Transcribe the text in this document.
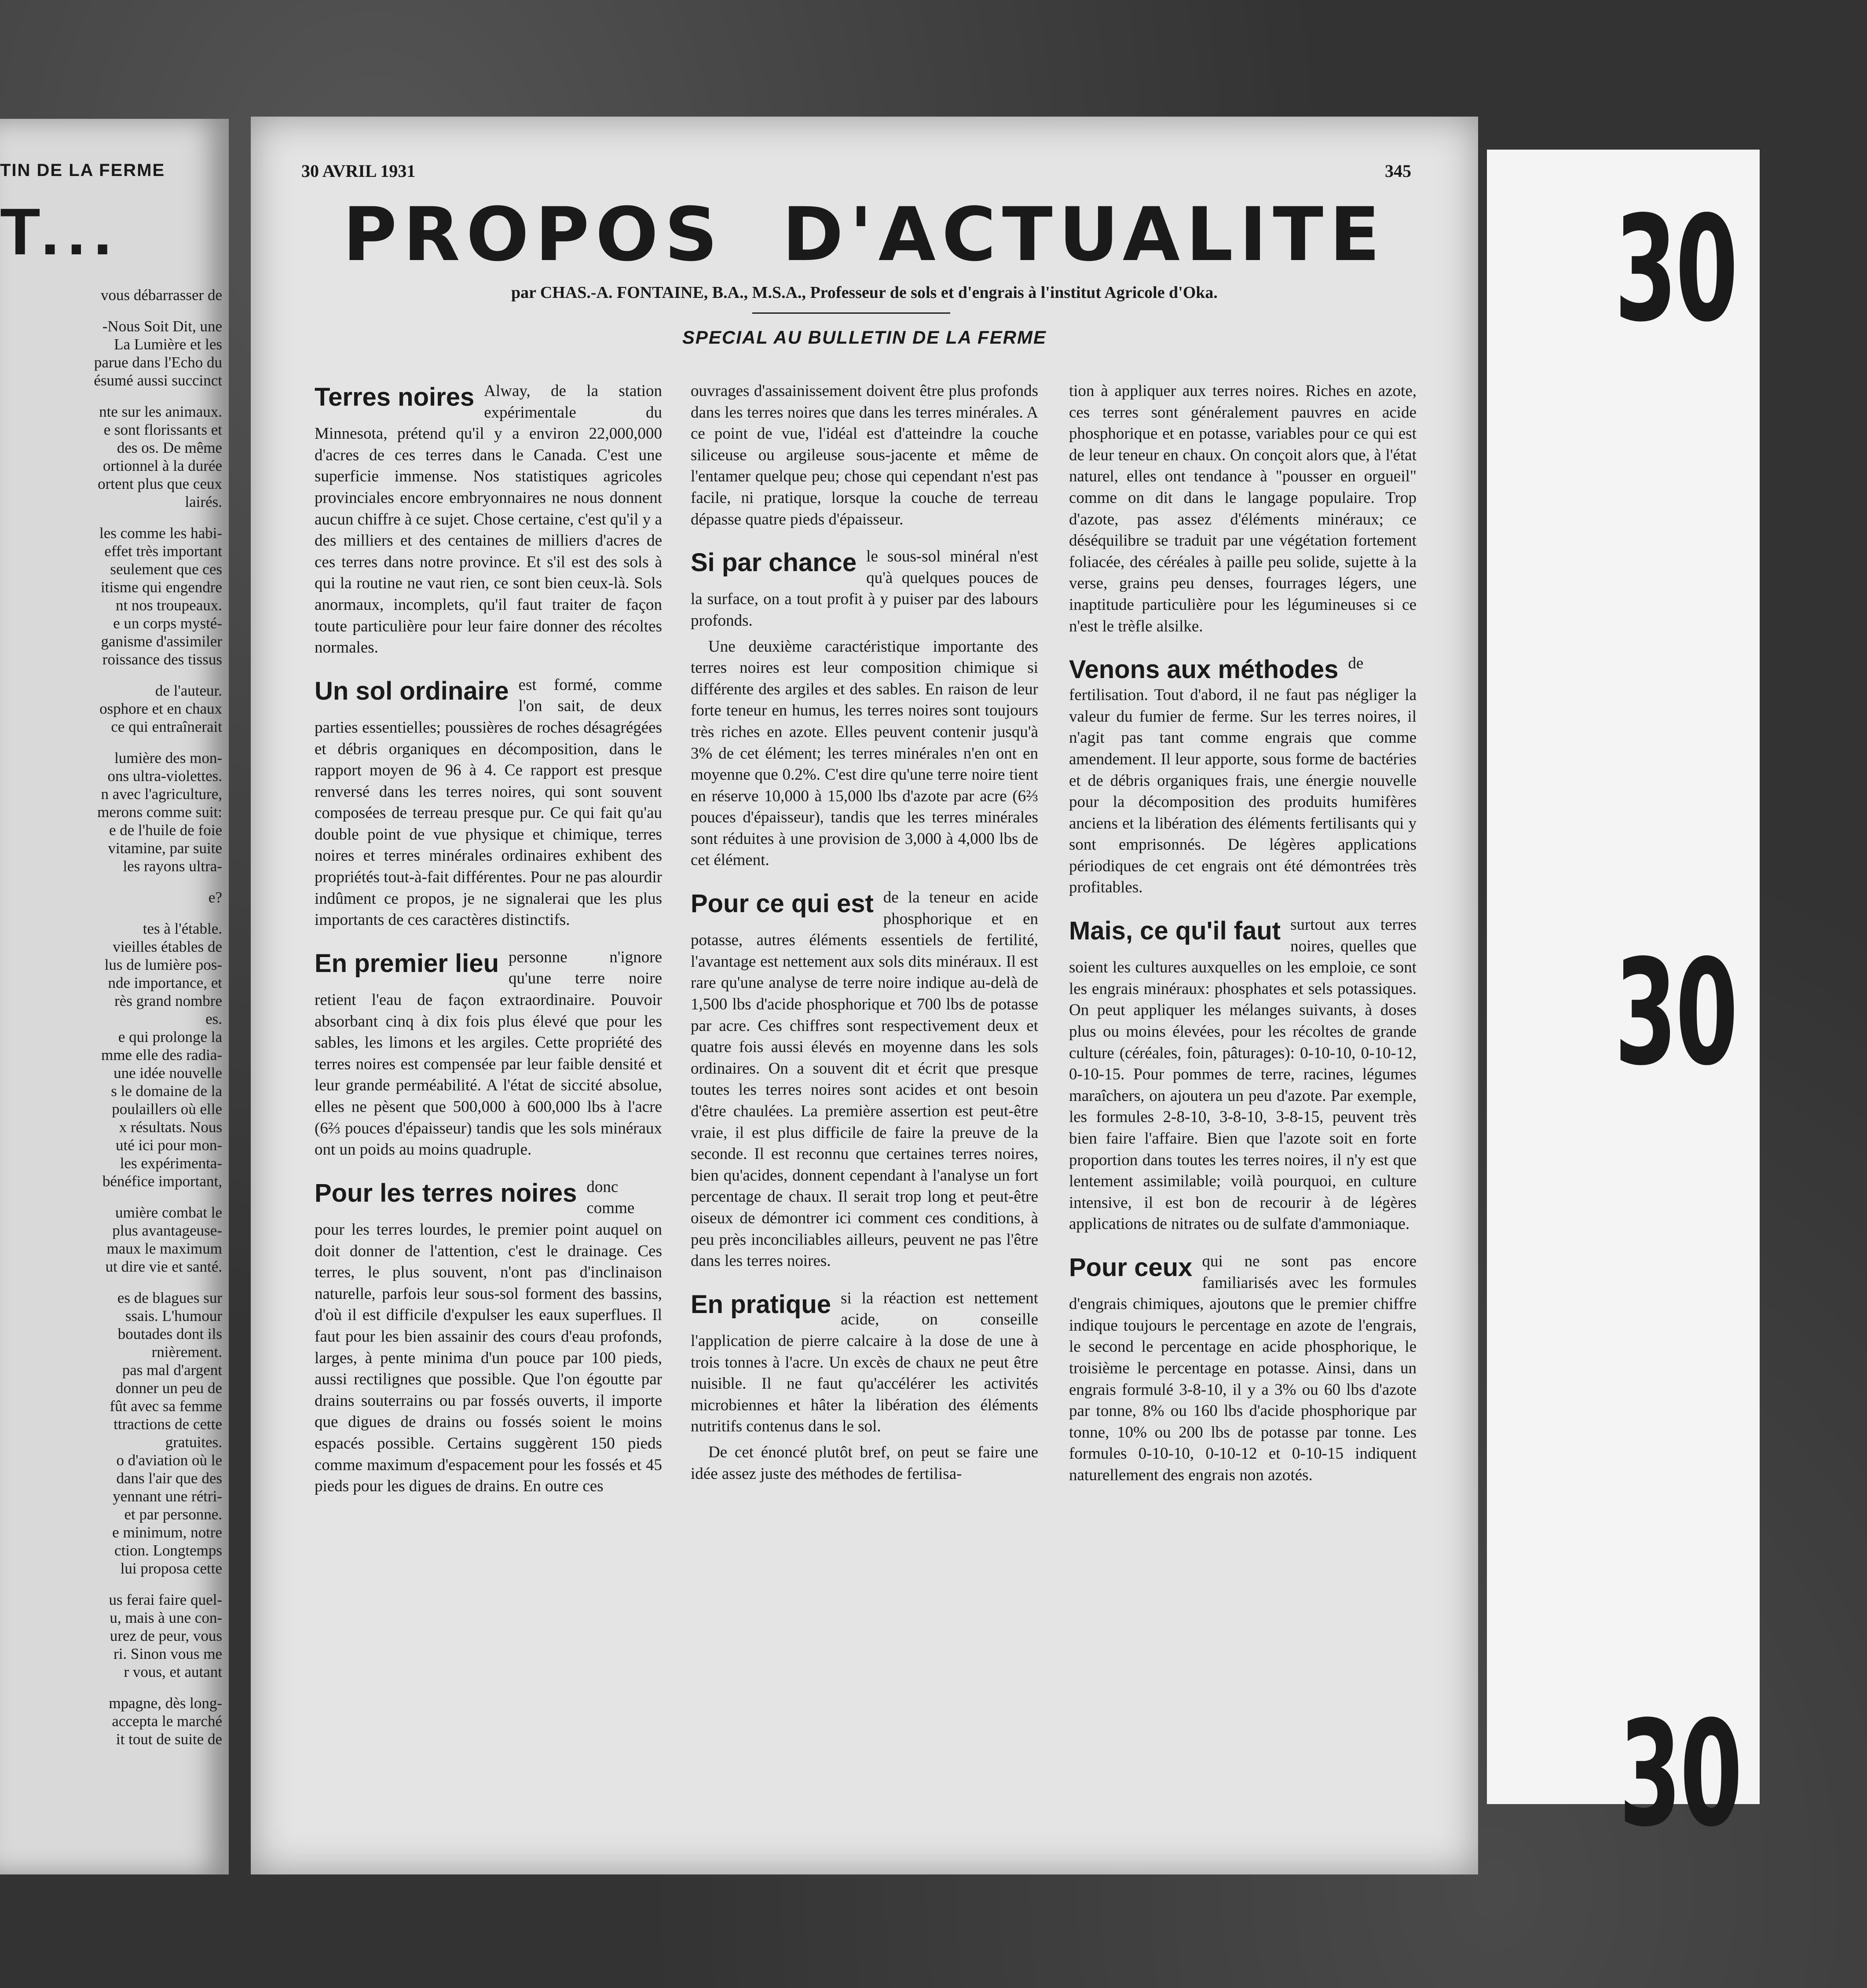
TIN DE LA FERME
T...
vous débarrasser de
-Nous Soit Dit, une
La Lumière et les
parue dans l'Echo du
ésumé aussi succinct
nte sur les animaux.
e sont florissants et
des os. De même
ortionnel à la durée
ortent plus que ceux
lairés.
les comme les habi-
effet très important
seulement que ces
itisme qui engendre
nt nos troupeaux.
e un corps mysté-
ganisme d'assimiler
roissance des tissus
de l'auteur.
osphore et en chaux
ce qui entraînerait
lumière des mon-
ons ultra-violettes.
n avec l'agriculture,
merons comme suit:
e de l'huile de foie
vitamine, par suite
les rayons ultra-
e?
tes à l'étable.
vieilles étables de
lus de lumière pos-
nde importance, et
rès grand nombre
es.
e qui prolonge la
mme elle des radia-
une idée nouvelle
s le domaine de la
poulaillers où elle
x résultats. Nous
uté ici pour mon-
les expérimenta-
bénéfice important,
umière combat le
plus avantageuse-
maux le maximum
ut dire vie et santé.
es de blagues sur
ssais. L'humour
boutades dont ils
rnièrement.
pas mal d'argent
donner un peu de
fût avec sa femme
ttractions de cette
gratuites.
o d'aviation où le
dans l'air que des
yennant une rétri-
et par personne.
e minimum, notre
ction. Longtemps
lui proposa cette
us ferai faire quel-
u, mais à une con-
urez de peur, vous
ri. Sinon vous me
r vous, et autant
mpagne, dès long-
accepta le marché
it tout de suite de
30 AVRIL 1931	345
PROPOS D'ACTUALITE
par CHAS.-A. FONTAINE, B.A., M.S.A., Professeur de sols et d'engrais à l'institut Agricole d'Oka.
SPECIAL AU BULLETIN DE LA FERME
Terres noires Alway, de la station expérimentale du Minnesota, prétend qu'il y a environ 22,000,000 d'acres de ces terres dans le Canada. C'est une superficie immense. Nos statistiques agricoles provinciales encore embryonnaires ne nous donnent aucun chiffre à ce sujet. Chose certaine, c'est qu'il y a des milliers et des centaines de milliers d'acres de ces terres dans notre province. Et s'il est des sols à qui la routine ne vaut rien, ce sont bien ceux-là. Sols anormaux, incomplets, qu'il faut traiter de façon toute particulière pour leur faire donner des récoltes normales.

Un sol ordinaire est formé, comme l'on sait, de deux parties essentielles; poussières de roches désagrégées et débris organiques en décomposition, dans le rapport moyen de 96 à 4. Ce rapport est presque renversé dans les terres noires, qui sont souvent composées de terreau presque pur. Ce qui fait qu'au double point de vue physique et chimique, terres noires et terres minérales ordinaires exhibent des propriétés tout-à-fait différentes. Pour ne pas alourdir indûment ce propos, je ne signalerai que les plus importants de ces caractères distinctifs.

En premier lieu personne n'ignore qu'une terre noire retient l'eau de façon extraordinaire. Pouvoir absorbant cinq à dix fois plus élevé que pour les sables, les limons et les argiles. Cette propriété des terres noires est compensée par leur faible densité et leur grande perméabilité. A l'état de siccité absolue, elles ne pèsent que 500,000 à 600,000 lbs à l'acre (6⅔ pouces d'épaisseur) tandis que les sols minéraux ont un poids au moins quadruple.

Pour les terres noires donc comme pour les terres lourdes, le premier point auquel on doit donner de l'attention, c'est le drainage. Ces terres, le plus souvent, n'ont pas d'inclinaison naturelle, parfois leur sous-sol forment des bassins, d'où il est difficile d'expulser les eaux superflues. Il faut pour les bien assainir des cours d'eau profonds, larges, à pente minima d'un pouce par 100 pieds, aussi rectilignes que possible. Que l'on égoutte par drains souterrains ou par fossés ouverts, il importe que digues de drains ou fossés soient le moins espacés possible. Certains suggèrent 150 pieds comme maximum d'espacement pour les fossés et 45 pieds pour les digues de drains. En outre ces

ouvrages d'assainissement doivent être plus profonds dans les terres noires que dans les terres minérales. A ce point de vue, l'idéal est d'atteindre la couche siliceuse ou argileuse sous-jacente et même de l'entamer quelque peu; chose qui cependant n'est pas facile, ni pratique, lorsque la couche de terreau dépasse quatre pieds d'épaisseur.

Si par chance le sous-sol minéral n'est qu'à quelques pouces de la surface, on a tout profit à y puiser par des labours profonds.

Une deuxième caractéristique importante des terres noires est leur composition chimique si différente des argiles et des sables. En raison de leur forte teneur en humus, les terres noires sont toujours très riches en azote. Elles peuvent contenir jusqu'à 3% de cet élément; les terres minérales n'en ont en moyenne que 0.2%. C'est dire qu'une terre noire tient en réserve 10,000 à 15,000 lbs d'azote par acre (6⅔ pouces d'épaisseur), tandis que les terres minérales sont réduites à une provision de 3,000 à 4,000 lbs de cet élément.

Pour ce qui est de la teneur en acide phosphorique et en potasse, autres éléments essentiels de fertilité, l'avantage est nettement aux sols dits minéraux. Il est rare qu'une analyse de terre noire indique au-delà de 1,500 lbs d'acide phosphorique et 700 lbs de potasse par acre. Ces chiffres sont respectivement deux et quatre fois aussi élevés en moyenne dans les sols ordinaires. On a souvent dit et écrit que presque toutes les terres noires sont acides et ont besoin d'être chaulées. La première assertion est peut-être vraie, il est plus difficile de faire la preuve de la seconde. Il est reconnu que certaines terres noires, bien qu'acides, donnent cependant à l'analyse un fort percentage de chaux. Il serait trop long et peut-être oiseux de démontrer ici comment ces conditions, à peu près inconciliables ailleurs, peuvent ne pas l'être dans les terres noires.

En pratique si la réaction est nettement acide, on conseille l'application de pierre calcaire à la dose de une à trois tonnes à l'acre. Un excès de chaux ne peut être nuisible. Il ne faut qu'accélérer les activités microbiennes et hâter la libération des éléments nutritifs contenus dans le sol.

De cet énoncé plutôt bref, on peut se faire une idée assez juste des méthodes de fertilisa-

tion à appliquer aux terres noires. Riches en azote, ces terres sont généralement pauvres en acide phosphorique et en potasse, variables pour ce qui est de leur teneur en chaux. On conçoit alors que, à l'état naturel, elles ont tendance à "pousser en orgueil" comme on dit dans le langage populaire. Trop d'azote, pas assez d'éléments minéraux; ce déséquilibre se traduit par une végétation fortement foliacée, des céréales à paille peu solide, sujette à la verse, grains peu denses, fourrages légers, une inaptitude particulière pour les légumineuses si ce n'est le trèfle alsilke.

Venons aux méthodes de fertilisation. Tout d'abord, il ne faut pas négliger la valeur du fumier de ferme. Sur les terres noires, il n'agit pas tant comme engrais que comme amendement. Il leur apporte, sous forme de bactéries et de débris organiques frais, une énergie nouvelle pour la décomposition des produits humifères anciens et la libération des éléments fertilisants qui y sont emprisonnés. De légères applications périodiques de cet engrais ont été démontrées très profitables.

Mais, ce qu'il faut surtout aux terres noires, quelles que soient les cultures auxquelles on les emploie, ce sont les engrais minéraux: phosphates et sels potassiques. On peut appliquer les mélanges suivants, à doses plus ou moins élevées, pour les récoltes de grande culture (céréales, foin, pâturages): 0-10-10, 0-10-12, 0-10-15. Pour pommes de terre, racines, légumes maraîchers, on ajoutera un peu d'azote. Par exemple, les formules 2-8-10, 3-8-10, 3-8-15, peuvent très bien faire l'affaire. Bien que l'azote soit en forte proportion dans toutes les terres noires, il n'y est que lentement assimilable; voilà pourquoi, en culture intensive, il est bon de recourir à de légères applications de nitrates ou de sulfate d'ammoniaque.

Pour ceux qui ne sont pas encore familiarisés avec les formules d'engrais chimiques, ajoutons que le premier chiffre indique toujours le percentage en azote de l'engrais, le second le percentage en acide phosphorique, le troisième le percentage en potasse. Ainsi, dans un engrais formulé 3-8-10, il y a 3% ou 60 lbs d'azote par tonne, 8% ou 160 lbs d'acide phosphorique par tonne, 10% ou 200 lbs de potasse par tonne. Les formules 0-10-10, 0-10-12 et 0-10-15 indiquent naturellement des engrais non azotés.

30
30
30
